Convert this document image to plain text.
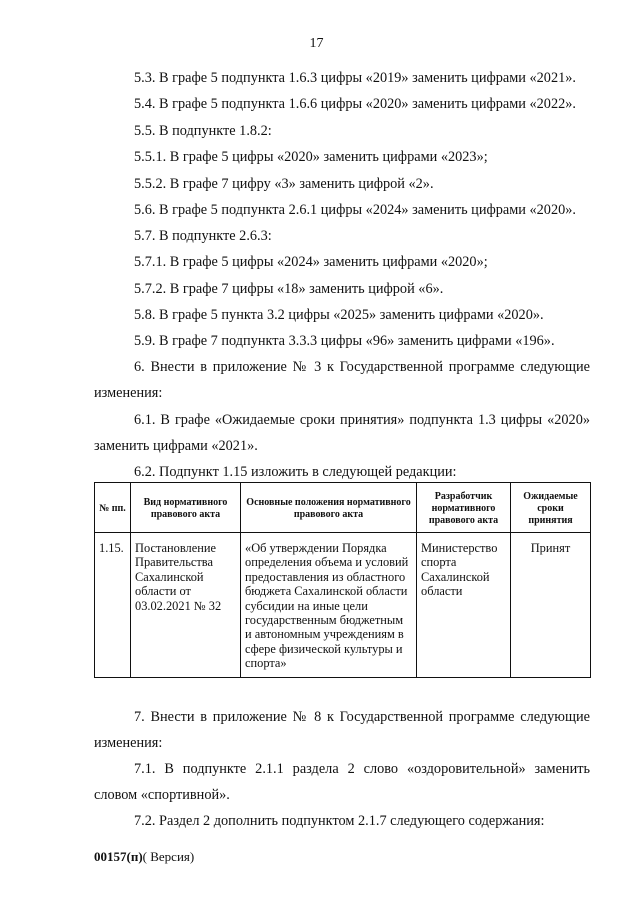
17
5.3. В графе 5 подпункта 1.6.3 цифры «2019» заменить цифрами «2021».
5.4. В графе 5 подпункта 1.6.6 цифры «2020» заменить цифрами «2022».
5.5. В подпункте 1.8.2:
5.5.1. В графе 5 цифры «2020» заменить цифрами «2023»;
5.5.2. В графе 7 цифру «3» заменить цифрой «2».
5.6. В графе 5 подпункта 2.6.1 цифры «2024» заменить цифрами «2020».
5.7. В подпункте 2.6.3:
5.7.1. В графе 5 цифры «2024» заменить цифрами «2020»;
5.7.2. В графе 7 цифры «18» заменить цифрой «6».
5.8. В графе 5 пункта 3.2 цифры «2025» заменить цифрами «2020».
5.9. В графе 7 подпункта 3.3.3 цифры «96» заменить цифрами «196».
6. Внести в приложение № 3 к Государственной программе следующие
изменения:
6.1. В графе «Ожидаемые сроки принятия» подпункта 1.3 цифры «2020»
заменить цифрами «2021».
6.2. Подпункт 1.15 изложить в следующей редакции:
№ пп.	Вид нормативного правового акта	Основные положения нормативного правового акта	Разработчик нормативного правового акта	Ожидаемые сроки принятия
1.15.	Постановление Правительства Сахалинской области от 03.02.2021 № 32	«Об утверждении Порядка определения объема и условий предоставления из областного бюджета Сахалинской области субсидии на иные цели государственным бюджетным и автономным учреждениям в сфере физической культуры и спорта»	Министерство спорта Сахалинской области	Принят
7. Внести в приложение № 8 к Государственной программе следующие
изменения:
7.1. В подпункте 2.1.1 раздела 2 слово «оздоровительной» заменить
словом «спортивной».
7.2. Раздел 2 дополнить подпунктом 2.1.7 следующего содержания:
00157(п)( Версия)
